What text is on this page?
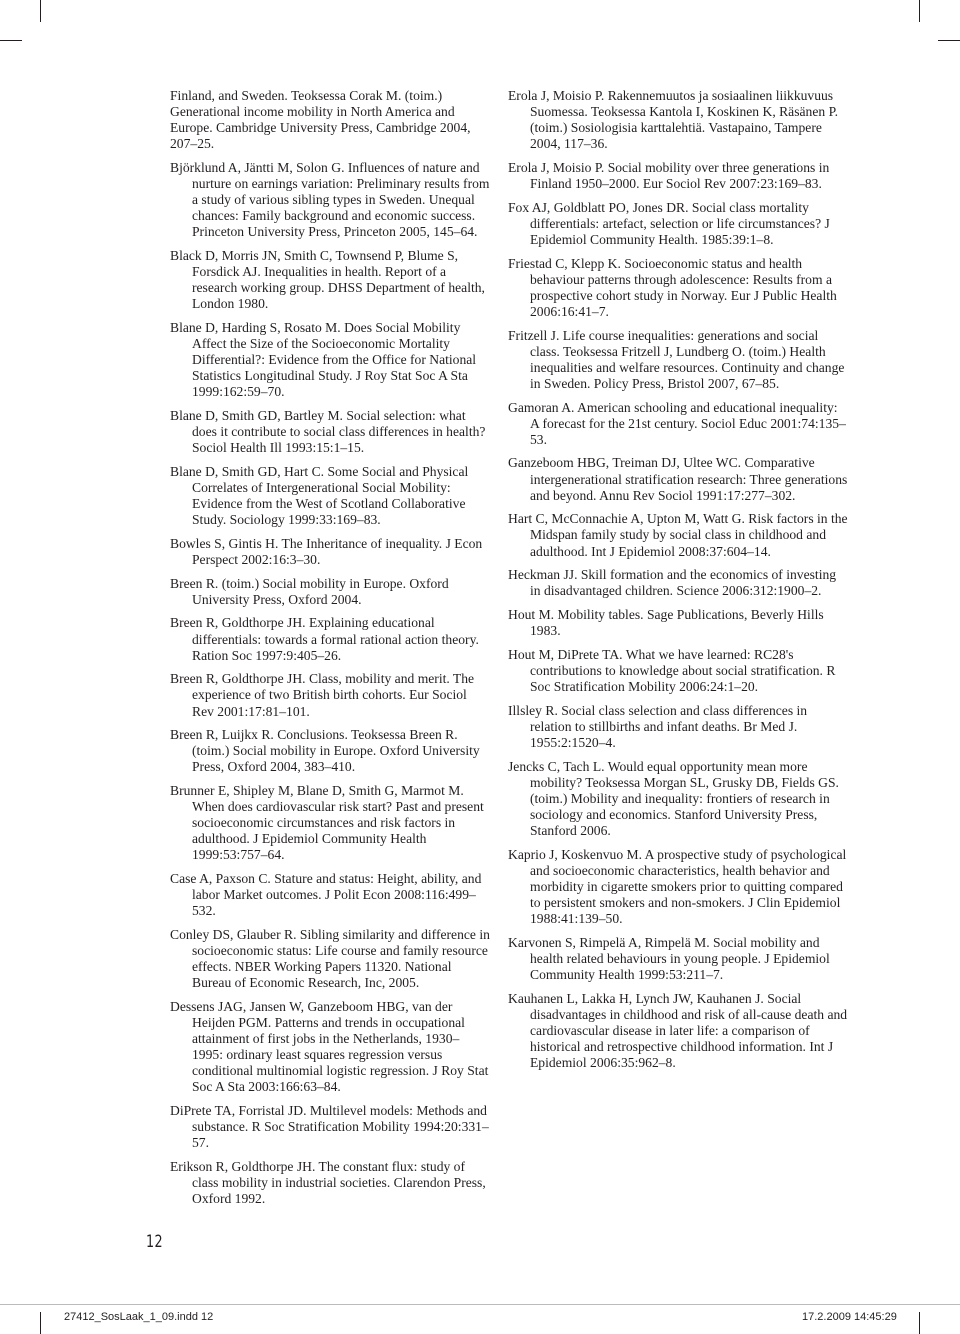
Finland, and Sweden. Teoksessa Corak M. (toim.) Generational income mobility in North America and Europe. Cambridge University Press, Cambridge 2004, 207–25.

Björklund A, Jäntti M, Solon G. Influences of nature and nurture on earnings variation: Preliminary results from a study of various sibling types in Sweden. Unequal chances: Family background and economic success. Princeton University Press, Princeton 2005, 145–64.

Black D, Morris JN, Smith C, Townsend P, Blume S, Forsdick AJ. Inequalities in health. Report of a research working group. DHSS Department of health, London 1980.

Blane D, Harding S, Rosato M. Does Social Mobility Affect the Size of the Socioeconomic Mortality Differential?: Evidence from the Office for National Statistics Longitudinal Study. J Roy Stat Soc A Sta 1999:162:59–70.

Blane D, Smith GD, Bartley M. Social selection: what does it contribute to social class differences in health? Sociol Health Ill 1993:15:1–15.

Blane D, Smith GD, Hart C. Some Social and Physical Correlates of Intergenerational Social Mobility: Evidence from the West of Scotland Collaborative Study. Sociology 1999:33:169–83.

Bowles S, Gintis H. The Inheritance of inequality. J Econ Perspect 2002:16:3–30.

Breen R. (toim.) Social mobility in Europe. Oxford University Press, Oxford 2004.

Breen R, Goldthorpe JH. Explaining educational differentials: towards a formal rational action theory. Ration Soc 1997:9:405–26.

Breen R, Goldthorpe JH. Class, mobility and merit. The experience of two British birth cohorts. Eur Sociol Rev 2001:17:81–101.

Breen R, Luijkx R. Conclusions. Teoksessa Breen R. (toim.) Social mobility in Europe. Oxford University Press, Oxford 2004, 383–410.

Brunner E, Shipley M, Blane D, Smith G, Marmot M. When does cardiovascular risk start? Past and present socioeconomic circumstances and risk factors in adulthood. J Epidemiol Community Health 1999:53:757–64.

Case A, Paxson C. Stature and status: Height, ability, and labor Market outcomes. J Polit Econ 2008:116:499–532.

Conley DS, Glauber R. Sibling similarity and difference in socioeconomic status: Life course and family resource effects. NBER Working Papers 11320. National Bureau of Economic Research, Inc, 2005.

Dessens JAG, Jansen W, Ganzeboom HBG, van der Heijden PGM. Patterns and trends in occupational attainment of first jobs in the Netherlands, 1930–1995: ordinary least squares regression versus conditional multinomial logistic regression. J Roy Stat Soc A Sta 2003:166:63–84.

DiPrete TA, Forristal JD. Multilevel models: Methods and substance. R Soc Stratification Mobility 1994:20:331–57.

Erikson R, Goldthorpe JH. The constant flux: study of class mobility in industrial societies. Clarendon Press, Oxford 1992.

Erola J, Moisio P. Rakennemuutos ja sosiaalinen liikkuvuus Suomessa. Teoksessa Kantola I, Koskinen K, Räsänen P. (toim.) Sosiologisia karttalehtiä. Vastapaino, Tampere 2004, 117–36.

Erola J, Moisio P. Social mobility over three generations in Finland 1950–2000. Eur Sociol Rev 2007:23:169–83.

Fox AJ, Goldblatt PO, Jones DR. Social class mortality differentials: artefact, selection or life circumstances? J Epidemiol Community Health. 1985:39:1–8.

Friestad C, Klepp K. Socioeconomic status and health behaviour patterns through adolescence: Results from a prospective cohort study in Norway. Eur J Public Health 2006:16:41–7.

Fritzell J. Life course inequalities: generations and social class. Teoksessa Fritzell J, Lundberg O. (toim.) Health inequalities and welfare resources. Continuity and change in Sweden. Policy Press, Bristol 2007, 67–85.

Gamoran A. American schooling and educational inequality: A forecast for the 21st century. Sociol Educ 2001:74:135–53.

Ganzeboom HBG, Treiman DJ, Ultee WC. Comparative intergenerational stratification research: Three generations and beyond. Annu Rev Sociol 1991:17:277–302.

Hart C, McConnachie A, Upton M, Watt G. Risk factors in the Midspan family study by social class in childhood and adulthood. Int J Epidemiol 2008:37:604–14.

Heckman JJ. Skill formation and the economics of investing in disadvantaged children. Science 2006:312:1900–2.

Hout M. Mobility tables. Sage Publications, Beverly Hills 1983.

Hout M, DiPrete TA. What we have learned: RC28's contributions to knowledge about social stratification. R Soc Stratification Mobility 2006:24:1–20.

Illsley R. Social class selection and class differences in relation to stillbirths and infant deaths. Br Med J. 1955:2:1520–4.

Jencks C, Tach L. Would equal opportunity mean more mobility? Teoksessa Morgan SL, Grusky DB, Fields GS. (toim.) Mobility and inequality: frontiers of research in sociology and economics. Stanford University Press, Stanford 2006.

Kaprio J, Koskenvuo M. A prospective study of psychological and socioeconomic characteristics, health behavior and morbidity in cigarette smokers prior to quitting compared to persistent smokers and non-smokers. J Clin Epidemiol 1988:41:139–50.

Karvonen S, Rimpelä A, Rimpelä M. Social mobility and health related behaviours in young people. J Epidemiol Community Health 1999:53:211–7.

Kauhanen L, Lakka H, Lynch JW, Kauhanen J. Social disadvantages in childhood and risk of all-cause death and cardiovascular disease in later life: a comparison of historical and retrospective childhood information. Int J Epidemiol 2006:35:962–8.

12
27412_SosLaak_1_09.indd 12	17.2.2009 14:45:29
